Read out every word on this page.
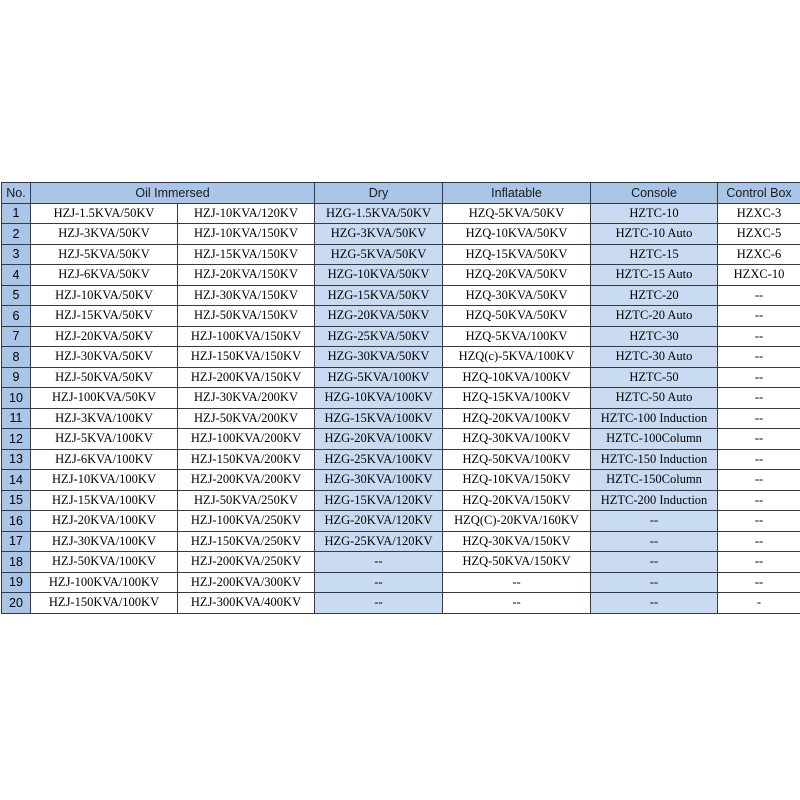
No.	Oil Immersed		Dry	Inflatable	Console	Control Box
1	HZJ-1.5KVA/50KV	HZJ-10KVA/120KV	HZG-1.5KVA/50KV	HZQ-5KVA/50KV	HZTC-10	HZXC-3
2	HZJ-3KVA/50KV	HZJ-10KVA/150KV	HZG-3KVA/50KV	HZQ-10KVA/50KV	HZTC-10 Auto	HZXC-5
3	HZJ-5KVA/50KV	HZJ-15KVA/150KV	HZG-5KVA/50KV	HZQ-15KVA/50KV	HZTC-15	HZXC-6
4	HZJ-6KVA/50KV	HZJ-20KVA/150KV	HZG-10KVA/50KV	HZQ-20KVA/50KV	HZTC-15 Auto	HZXC-10
5	HZJ-10KVA/50KV	HZJ-30KVA/150KV	HZG-15KVA/50KV	HZQ-30KVA/50KV	HZTC-20	--
6	HZJ-15KVA/50KV	HZJ-50KVA/150KV	HZG-20KVA/50KV	HZQ-50KVA/50KV	HZTC-20 Auto	--
7	HZJ-20KVA/50KV	HZJ-100KVA/150KV	HZG-25KVA/50KV	HZQ-5KVA/100KV	HZTC-30	--
8	HZJ-30KVA/50KV	HZJ-150KVA/150KV	HZG-30KVA/50KV	HZQ(c)-5KVA/100KV	HZTC-30 Auto	--
9	HZJ-50KVA/50KV	HZJ-200KVA/150KV	HZG-5KVA/100KV	HZQ-10KVA/100KV	HZTC-50	--
10	HZJ-100KVA/50KV	HZJ-30KVA/200KV	HZG-10KVA/100KV	HZQ-15KVA/100KV	HZTC-50 Auto	--
11	HZJ-3KVA/100KV	HZJ-50KVA/200KV	HZG-15KVA/100KV	HZQ-20KVA/100KV	HZTC-100 Induction	--
12	HZJ-5KVA/100KV	HZJ-100KVA/200KV	HZG-20KVA/100KV	HZQ-30KVA/100KV	HZTC-100Column	--
13	HZJ-6KVA/100KV	HZJ-150KVA/200KV	HZG-25KVA/100KV	HZQ-50KVA/100KV	HZTC-150 Induction	--
14	HZJ-10KVA/100KV	HZJ-200KVA/200KV	HZG-30KVA/100KV	HZQ-10KVA/150KV	HZTC-150Column	--
15	HZJ-15KVA/100KV	HZJ-50KVA/250KV	HZG-15KVA/120KV	HZQ-20KVA/150KV	HZTC-200 Induction	--
16	HZJ-20KVA/100KV	HZJ-100KVA/250KV	HZG-20KVA/120KV	HZQ(C)-20KVA/160KV	--	--
17	HZJ-30KVA/100KV	HZJ-150KVA/250KV	HZG-25KVA/120KV	HZQ-30KVA/150KV	--	--
18	HZJ-50KVA/100KV	HZJ-200KVA/250KV	--	HZQ-50KVA/150KV	--	--
19	HZJ-100KVA/100KV	HZJ-200KVA/300KV	--	--	--	--
20	HZJ-150KVA/100KV	HZJ-300KVA/400KV	--	--	--	-
